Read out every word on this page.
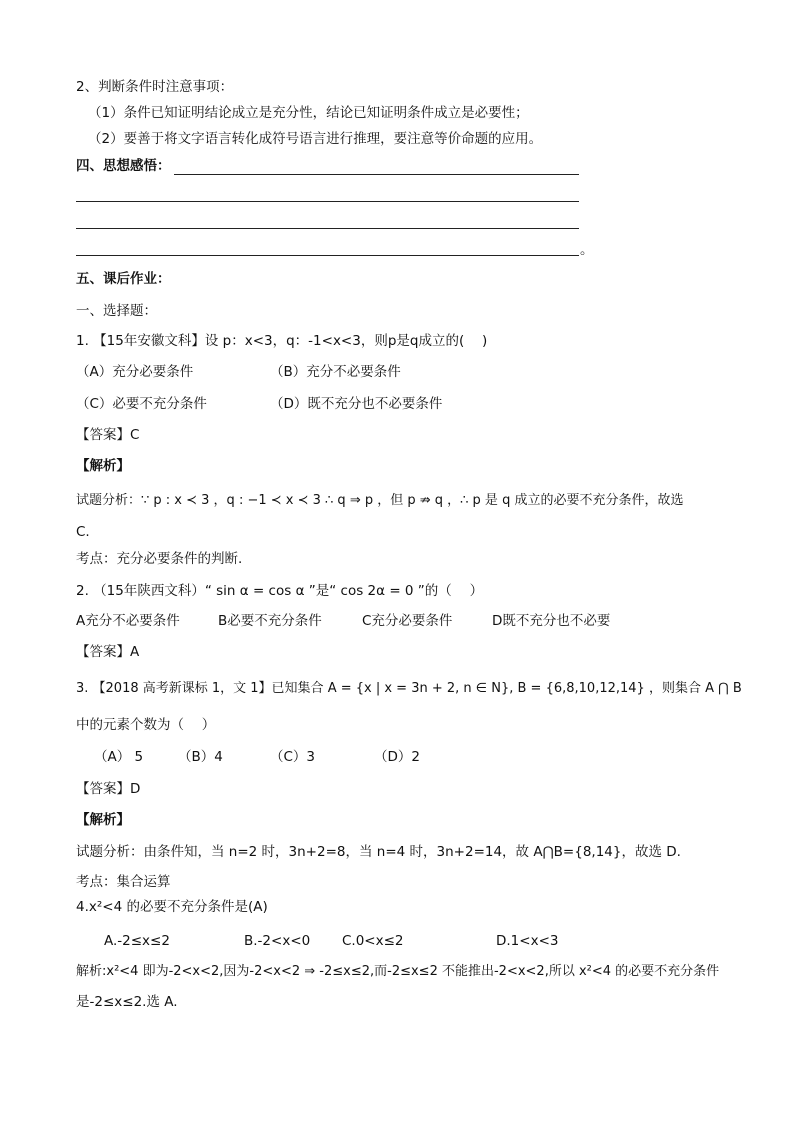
2、判断条件时注意事项：
（1）条件已知证明结论成立是充分性，结论已知证明条件成立是必要性；
（2）要善于将文字语言转化成符号语言进行推理，要注意等价命题的应用。
四、思想感悟：
。
五、课后作业：
一、选择题：
1. 【15年安徽文科】设 p：x<3，q：-1<x<3，则p是q成立的(　 )
（A）充分必要条件	（B）充分不必要条件
（C）必要不充分条件	（D）既不充分也不必要条件
【答案】C
【解析】
试题分析：∵ p : x ≺ 3 ，q : −1 ≺ x ≺ 3 ∴ q ⇒ p ，但 p ⇏ q ，∴ p 是 q 成立的必要不充分条件，故选
C.
考点：充分必要条件的判断.
2. （15年陕西文科）“ sin α = cos α ”是“ cos 2α = 0 ”的（　 ）
A充分不必要条件	B必要不充分条件	C充分必要条件	D既不充分也不必要
【答案】A
3. 【2018 高考新课标 1，文 1】已知集合 A = {x | x = 3n + 2, n ∈ N}, B = {6,8,10,12,14} ，则集合 A ⋂ B
中的元素个数为（　 ）
（A） 5	（B）4	（C）3	（D）2
【答案】D
【解析】
试题分析：由条件知，当 n=2 时，3n+2=8，当 n=4 时，3n+2=14，故 A⋂B={8,14}，故选 D.
考点：集合运算
4.x²<4 的必要不充分条件是(A)
A.-2≤x≤2	B.-2<x<0 C.0<x≤2	D.1<x<3
解析:x²<4 即为-2<x<2,因为-2<x<2 ⇒ -2≤x≤2,而-2≤x≤2 不能推出-2<x<2,所以 x²<4 的必要不充分条件
是-2≤x≤2.选 A.
